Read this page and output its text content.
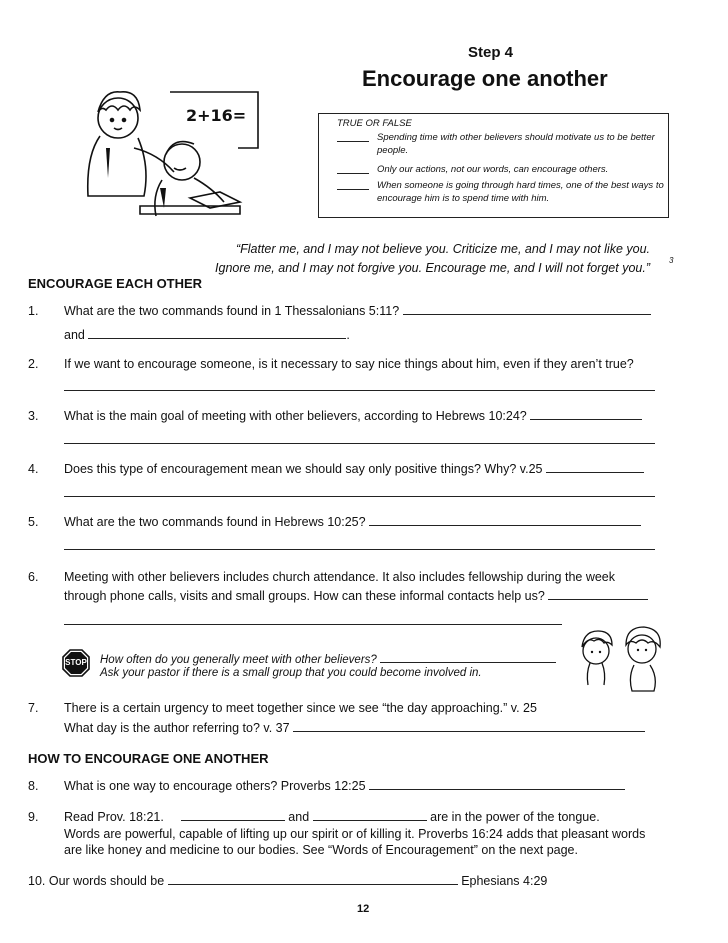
Step 4
Encourage one another
2+16=	TRUE OR FALSE
Spending time with other believers should motivate us to be better people.
Only our actions, not our words, can encourage others.
When someone is going through hard times, one of the best ways to encourage him is to spend time with him.
“Flatter me, and I may not believe you. Criticize me, and I may not like you.
Ignore me, and I may not forgive you. Encourage me, and I will not forget you.”
3
ENCOURAGE EACH OTHER
1. What are the two commands found in 1 Thessalonians 5:11?
and	.
2. If we want to encourage someone, is it necessary to say nice things about him, even if they aren’t true?
3. What is the main goal of meeting with other believers, according to Hebrews 10:24?
4. Does this type of encouragement mean we should say only positive things? Why? v.25
5. What are the two commands found in Hebrews 10:25?
6. Meeting with other believers includes church attendance. It also includes fellowship during the week
through phone calls, visits and small groups. How can these informal contacts help us?
STOP How often do you generally meet with other believers?
Ask your pastor if there is a small group that you could become involved in.
7. There is a certain urgency to meet together since we see “the day approaching.” v. 25
What day is the author referring to? v. 37
HOW TO ENCOURAGE ONE ANOTHER
8. What is one way to encourage others? Proverbs 12:25
9. Read Prov. 18:21.	and	are in the power of the tongue.
Words are powerful, capable of lifting up our spirit or of killing it. Proverbs 16:24 adds that pleasant words
are like honey and medicine to our bodies. See “Words of Encouragement” on the next page.
10. Our words should be	Ephesians 4:29
12
